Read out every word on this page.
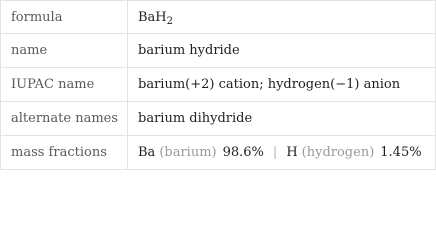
formula	BaH 2
name	barium hydride
IUPAC name	barium(+2) cation; hydrogen(−1) anion
alternate names	barium dihydride
mass fractions	Ba (barium) 98.6% | H (hydrogen) 1.45%
